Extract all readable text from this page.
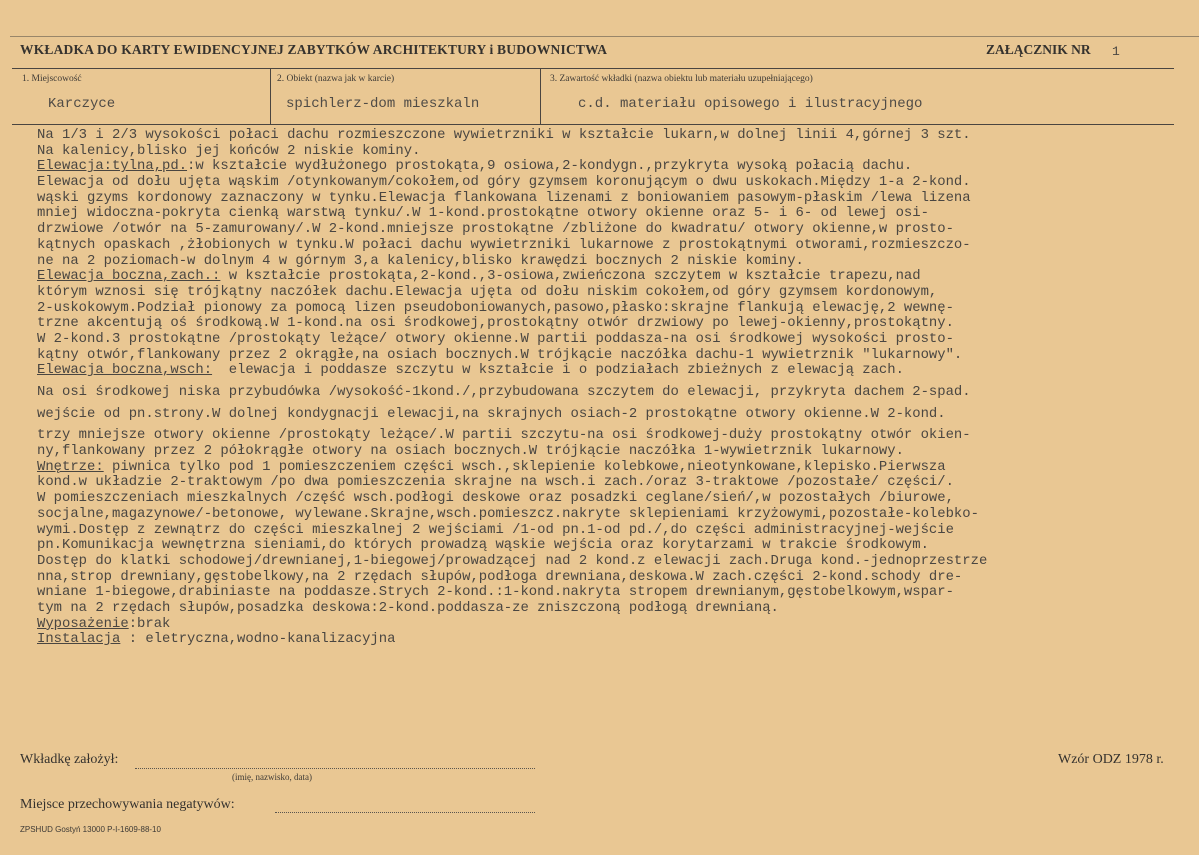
WKŁADKA DO KARTY EWIDENCYJNEJ ZABYTKÓW ARCHITEKTURY i BUDOWNICTWA	ZAŁĄCZNIK NR 1
1. Miejscowość
Karczyce
2. Obiekt (nazwa jak w karcie)
spichlerz-dom mieszkaln
3. Zawartość wkładki (nazwa obiektu lub materiału uzupełniającego)
c.d. materiału opisowego i ilustracyjnego
Na 1/3 i 2/3 wysokości połaci dachu rozmieszczone wywietrzniki w kształcie lukarn,w dolnej linii 4,górnej 3 szt.
Na kalenicy,blisko jej końców 2 niskie kominy.
Elewacja:tylna,pd.:w kształcie wydłużonego prostokąta,9 osiowa,2-kondygn.,przykryta wysoką połacią dachu.
Elewacja od dołu ujęta wąskim /otynkowanym/cokołem,od góry gzymsem koronującym o dwu uskokach.Między 1-a 2-kond.
wąski gzyms kordonowy zaznaczony w tynku.Elewacja flankowana lizenami z boniowaniem pasowym-płaskim /lewa lizena
mniej widoczna-pokryta cienką warstwą tynku/.W 1-kond.prostokątne otwory okienne oraz 5- i 6- od lewej osi-
drzwiowe /otwór na 5-zamurowany/.W 2-kond.mniejsze prostokątne /zbliżone do kwadratu/ otwory okienne,w prosto-
kątnych opaskach ,żłobionych w tynku.W połaci dachu wywietrzniki lukarnowe z prostokątnymi otworami,rozmieszczo-
ne na 2 poziomach-w dolnym 4 w górnym 3,a kalenicy,blisko krawędzi bocznych 2 niskie kominy.
Elewacja boczna,zach.: w kształcie prostokąta,2-kond.,3-osiowa,zwieńczona szczytem w kształcie trapezu,nad
którym wznosi się trójkątny naczółek dachu.Elewacja ujęta od dołu niskim cokołem,od góry gzymsem kordonowym,
2-uskokowym.Podział pionowy za pomocą lizen pseudoboniowanych,pasowo,płasko:skrajne flankują elewację,2 wewnę-
trzne akcentują oś środkową.W 1-kond.na osi środkowej,prostokątny otwór drzwiowy po lewej-okienny,prostokątny.
W 2-kond.3 prostokątne /prostokąty leżące/ otwory okienne.W partii poddasza-na osi środkowej wysokości prosto-
kątny otwór,flankowany przez 2 okrągłe,na osiach bocznych.W trójkącie naczółka dachu-1 wywietrznik "lukarnowy".
Elewacja boczna,wsch:  elewacja i poddasze szczytu w kształcie i o podziałach zbieżnych z elewacją zach.
Na osi środkowej niska przybudówka /wysokość-1kond./,przybudowana szczytem do elewacji, przykryta dachem 2-spad.
wejście od pn.strony.W dolnej kondygnacji elewacji,na skrajnych osiach-2 prostokątne otwory okienne.W 2-kond.
trzy mniejsze otwory okienne /prostokąty leżące/.W partii szczytu-na osi środkowej-duży prostokątny otwór okien-
ny,flankowany przez 2 półokrągłe otwory na osiach bocznych.W trójkącie naczółka 1-wywietrznik lukarnowy.
Wnętrze: piwnica tylko pod 1 pomieszczeniem części wsch.,sklepienie kolebkowe,nieotynkowane,klepisko.Pierwsza
kond.w układzie 2-traktowym /po dwa pomieszczenia skrajne na wsch.i zach./oraz 3-traktowe /pozostałe/ części/.
W pomieszczeniach mieszkalnych /część wsch.podłogi deskowe oraz posadzki ceglane/sień/,w pozostałych /biurowe,
socjalne,magazynowe/-betonowe, wylewane.Skrajne,wsch.pomieszcz.nakryte sklepieniami krzyżowymi,pozostałe-kolebko-
wymi.Dostęp z zewnątrz do części mieszkalnej 2 wejściami /1-od pn.1-od pd./,do części administracyjnej-wejście
pn.Komunikacja wewnętrzna sieniami,do których prowadzą wąskie wejścia oraz korytarzami w trakcie środkowym.
Dostęp do klatki schodowej/drewnianej,1-biegowej/prowadzącej nad 2 kond.z elewacji zach.Druga kond.-jednoprzestrze
nna,strop drewniany,gęstobelkowy,na 2 rzędach słupów,podłoga drewniana,deskowa.W zach.części 2-kond.schody dre-
wniane 1-biegowe,drabiniaste na poddasze.Strych 2-kond.:1-kond.nakryta stropem drewnianym,gęstobelkowym,wspar-
tym na 2 rzędach słupów,posadzka deskowa:2-kond.poddasza-ze zniszczoną podłogą drewnianą.
Wyposażenie:brak
Instalacja : eletryczna,wodno-kanalizacyjna
Wkładkę założył:
(imię, nazwisko, data)
Wzór ODZ 1978 r.
Miejsce przechowywania negatywów:
ZPSHUD Gostyń 13000 P-I-1609-88-10
